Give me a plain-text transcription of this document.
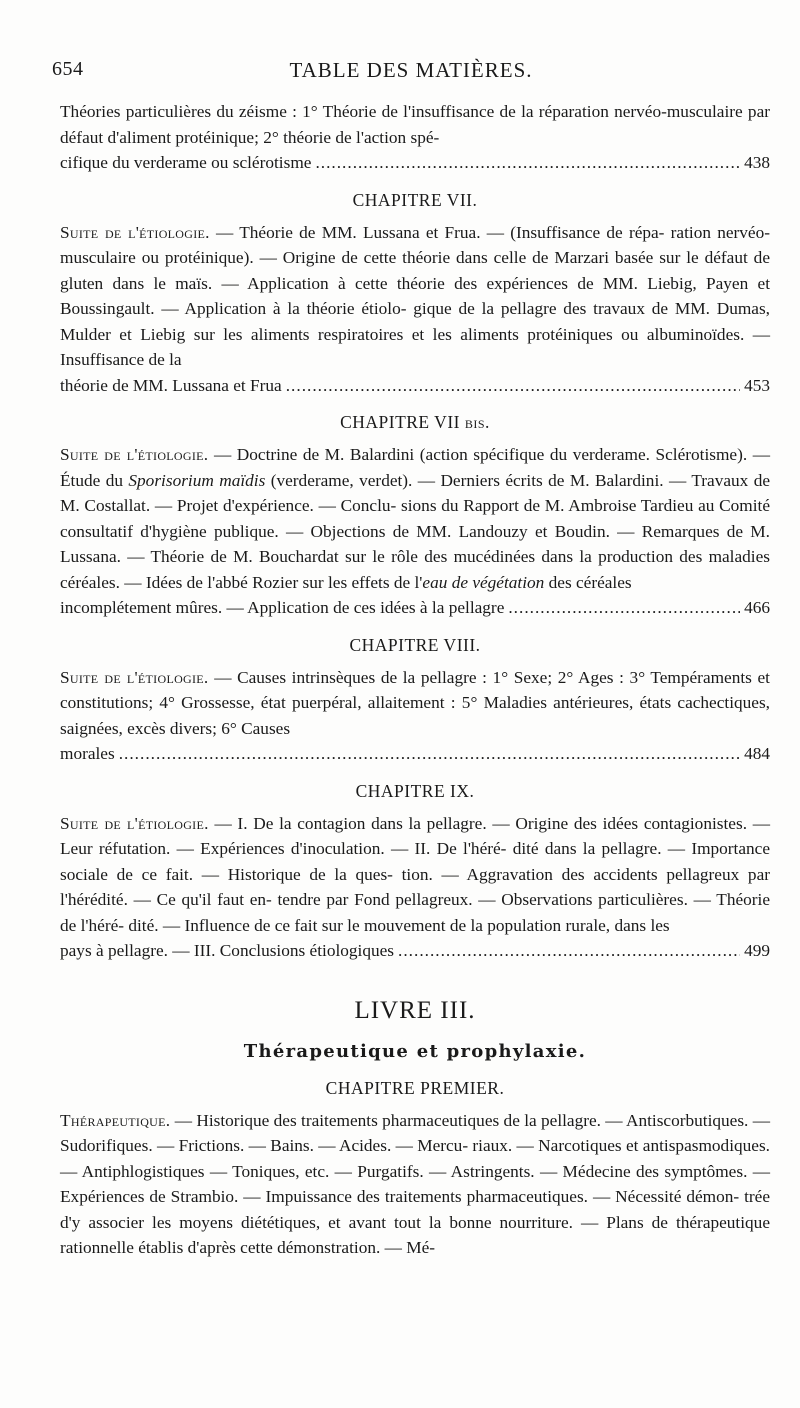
654	TABLE DES MATIÈRES.

Théories particulières du zéisme : 1° Théorie de l'insuffisance de la réparation nervéo-musculaire par défaut d'aliment protéinique; 2° théorie de l'action spé-

cifique du verderame ou sclérotisme .....	438
CHAPITRE VII.

Suite de l'étiologie. — Théorie de MM. Lussana et Frua. — (Insuffisance de répa- ration nervéo-musculaire ou protéinique). — Origine de cette théorie dans celle de Marzari basée sur le défaut de gluten dans le maïs. — Application à cette théorie des expériences de MM. Liebig, Payen et Boussingault. — Application à la théorie étiolo- gique de la pellagre des travaux de MM. Dumas, Mulder et Liebig sur les aliments respiratoires et les aliments protéiniques ou albuminoïdes. — Insuffisance de la

théorie de MM. Lussana et Frua .....	453
CHAPITRE VII bis.

Suite de l'étiologie. — Doctrine de M. Balardini (action spécifique du verderame. Sclérotisme). — Étude du Sporisorium maïdis (verderame, verdet). — Derniers écrits de M. Balardini. — Travaux de M. Costallat. — Projet d'expérience. — Conclu- sions du Rapport de M. Ambroise Tardieu au Comité consultatif d'hygiène publique. — Objections de MM. Landouzy et Boudin. — Remarques de M. Lussana. — Théorie de M. Bouchardat sur le rôle des mucédinées dans la production des maladies céréales. — Idées de l'abbé Rozier sur les effets de l'eau de végétation des céréales

incomplétement mûres. — Application de ces idées à la pellagre .....	466
CHAPITRE VIII.

Suite de l'étiologie. — Causes intrinsèques de la pellagre : 1° Sexe; 2° Ages : 3° Tempéraments et constitutions; 4° Grossesse, état puerpéral, allaitement : 5° Maladies antérieures, états cachectiques, saignées, excès divers; 6° Causes

morales .....	484
CHAPITRE IX.

Suite de l'étiologie. — I. De la contagion dans la pellagre. — Origine des idées contagionistes. — Leur réfutation. — Expériences d'inoculation. — II. De l'héré- dité dans la pellagre. — Importance sociale de ce fait. — Historique de la ques- tion. — Aggravation des accidents pellagreux par l'hérédité. — Ce qu'il faut en- tendre par Fond pellagreux. — Observations particulières. — Théorie de l'héré- dité. — Influence de ce fait sur le mouvement de la population rurale, dans les

pays à pellagre. — III. Conclusions étiologiques .....	499
LIVRE III.
Thérapeutique et prophylaxie.
CHAPITRE PREMIER.

Thérapeutique. — Historique des traitements pharmaceutiques de la pellagre. — Antiscorbutiques. — Sudorifiques. — Frictions. — Bains. — Acides. — Mercu- riaux. — Narcotiques et antispasmodiques. — Antiphlogistiques — Toniques, etc. — Purgatifs. — Astringents. — Médecine des symptômes. — Expériences de Strambio. — Impuissance des traitements pharmaceutiques. — Nécessité démon- trée d'y associer les moyens diététiques, et avant tout la bonne nourriture. — Plans de thérapeutique rationnelle établis d'après cette démonstration. — Mé-
